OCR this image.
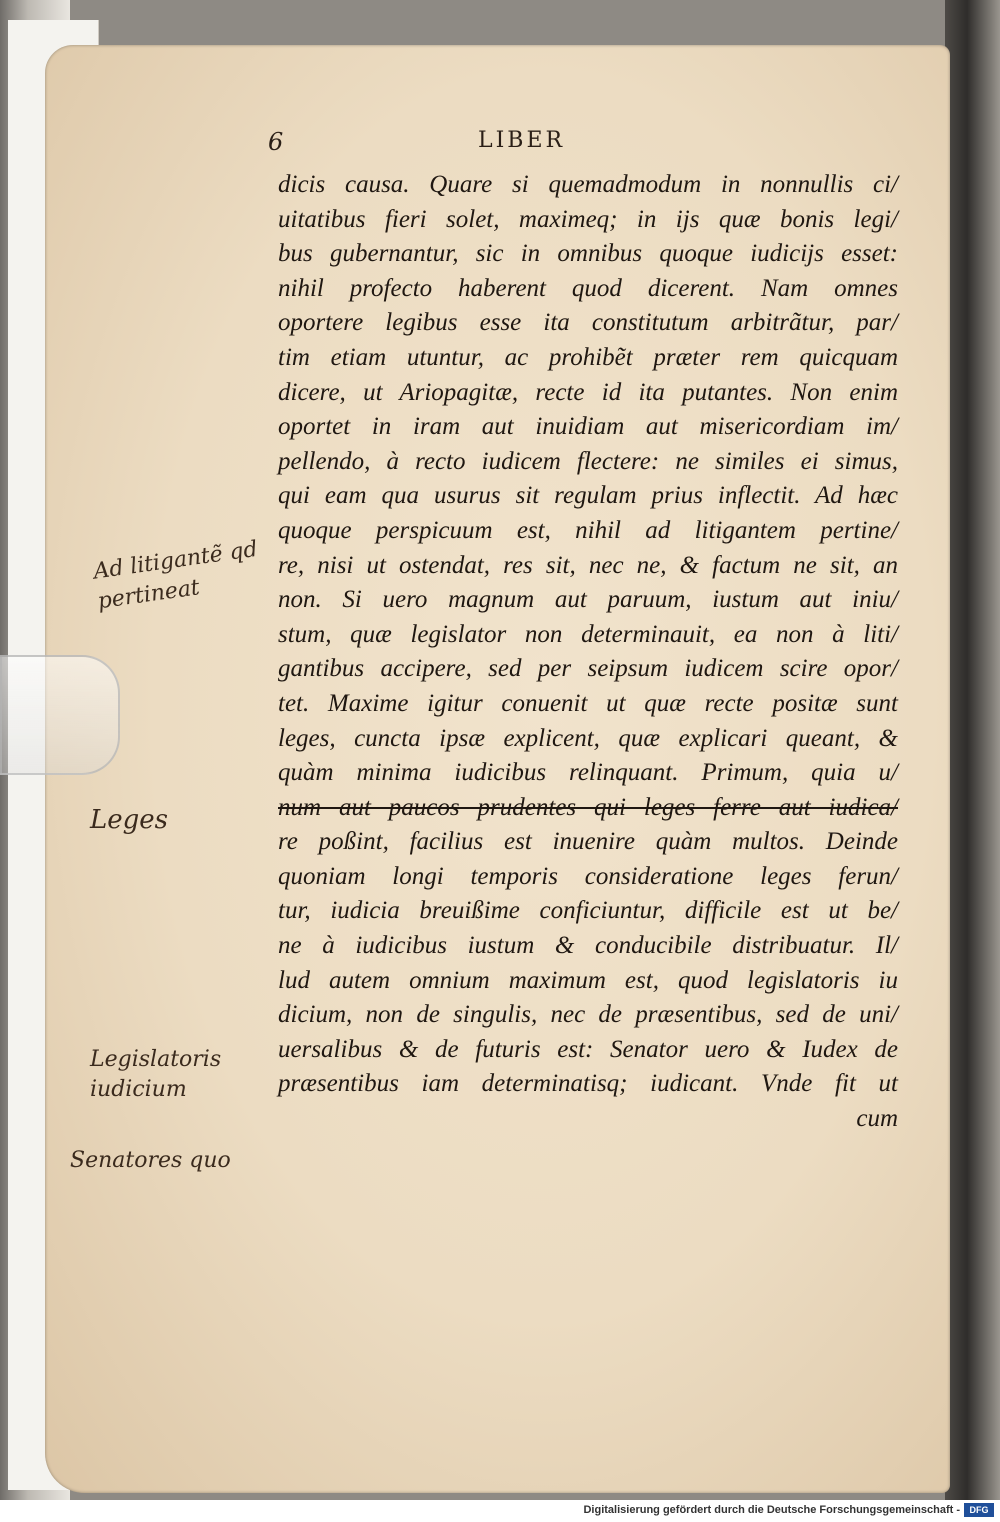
6	LIBER
dicis causa. Quare si quemadmodum in nonnullis ci/
uitatibus fieri solet, maximeq; in ijs quæ bonis legi/
bus gubernantur, sic in omnibus quoque iudicijs esset:
nihil profecto haberent quod dicerent. Nam omnes
oportere legibus esse ita constitutum arbitrãtur, par/
tim etiam utuntur, ac prohibẽt præter rem quicquam
dicere, ut Ariopagitæ, recte id ita putantes. Non enim
oportet in iram aut inuidiam aut misericordiam im/
pellendo, à recto iudicem flectere: ne similes ei simus,
qui eam qua usurus sit regulam prius inflectit. Ad hæc
quoque perspicuum est, nihil ad litigantem pertine/
re, nisi ut ostendat, res sit, nec ne, & factum ne sit, an
non. Si uero magnum aut paruum, iustum aut iniu/
stum, quæ legislator non determinauit, ea non à liti/
gantibus accipere, sed per seipsum iudicem scire opor/
tet. Maxime igitur conuenit ut quæ recte positæ sunt
leges, cuncta ipsæ explicent, quæ explicari queant, &
quàm minima iudicibus relinquant. Primum, quia u/
num aut paucos prudentes qui leges ferre aut iudica/
re poßint, facilius est inuenire quàm multos. Deinde
quoniam longi temporis consideratione leges ferun/
tur, iudicia breuißime conficiuntur, difficile est ut be/
ne à iudicibus iustum & conducibile distribuatur. Il/
lud autem omnium maximum est, quod legislatoris iu
dicium, non de singulis, nec de præsentibus, sed de uni/
uersalibus & de futuris est: Senator uero & Iudex de
præsentibus iam determinatisq; iudicant. Vnde fit ut
cum
Ad litigantẽ qd pertineat
Leges
Legislatoris iudicium
Senatores quo
Digitalisierung gefördert durch die Deutsche Forschungsgemeinschaft -	DFG
